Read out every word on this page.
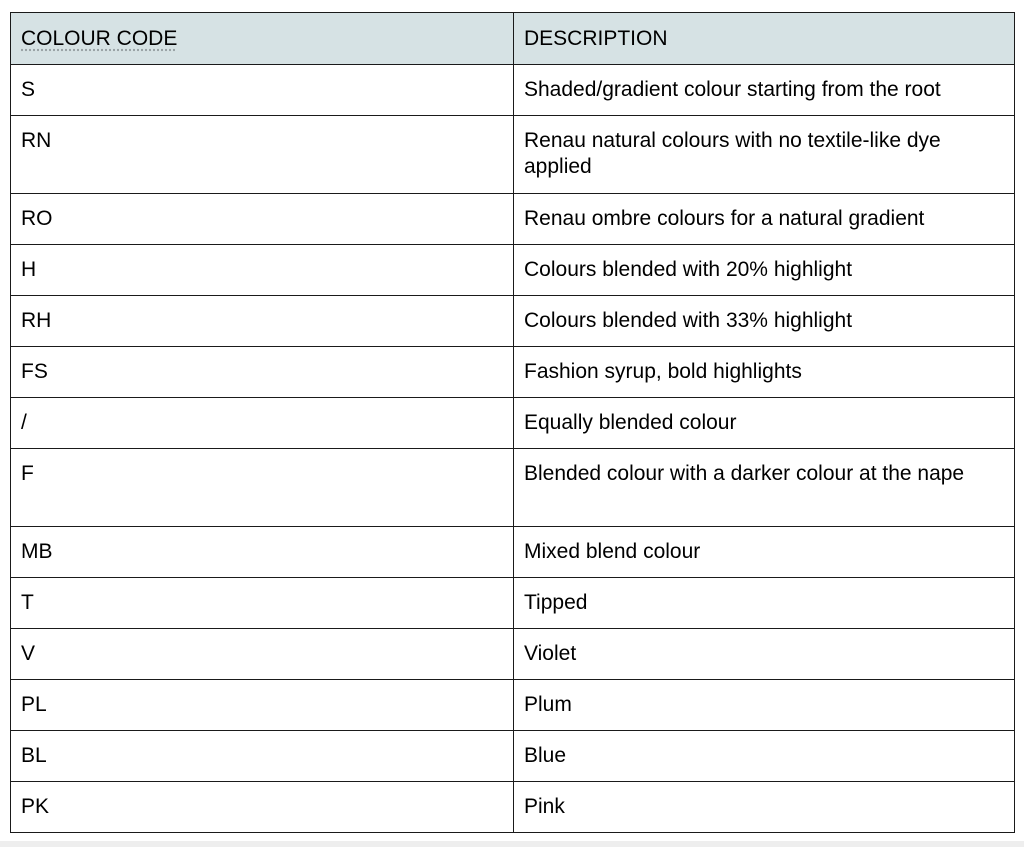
COLOUR CODE	DESCRIPTION
S	Shaded/gradient colour starting from the root
RN	Renau natural colours with no textile-like dye applied
RO	Renau ombre colours for a natural gradient
H	Colours blended with 20% highlight
RH	Colours blended with 33% highlight
FS	Fashion syrup, bold highlights
/	Equally blended colour
F	Blended colour with a darker colour at the nape
MB	Mixed blend colour
T	Tipped
V	Violet
PL	Plum
BL	Blue
PK	Pink
